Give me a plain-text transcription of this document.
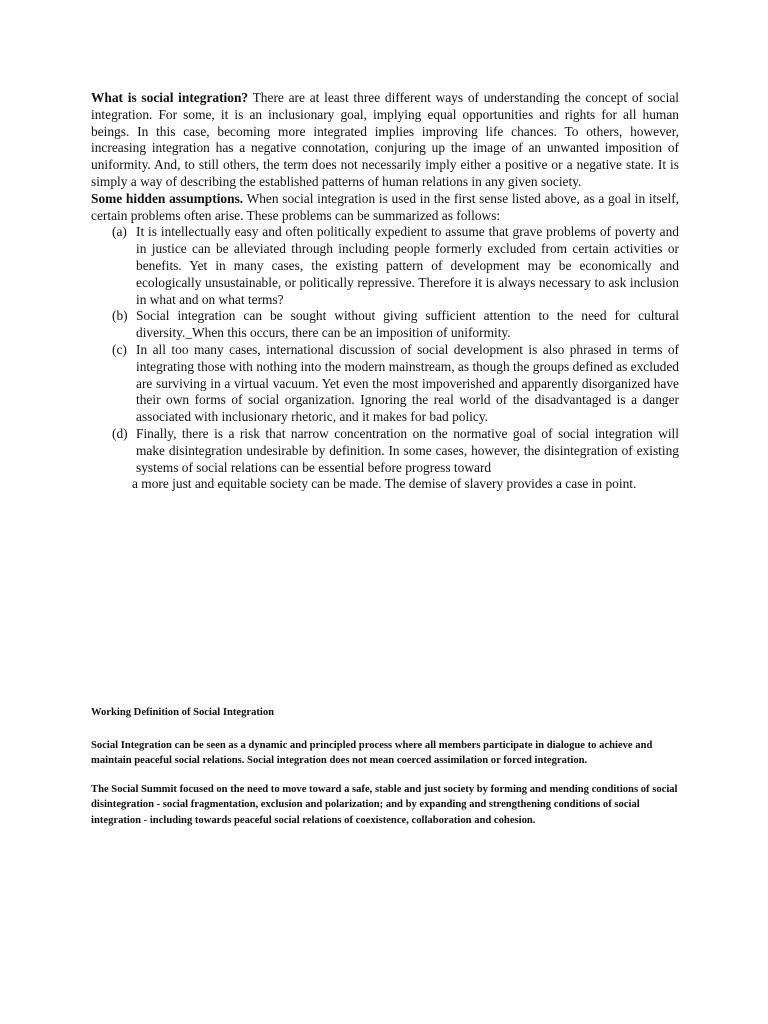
What is social integration? There are at least three different ways of understanding the concept of social integration. For some, it is an inclusionary goal, implying equal opportunities and rights for all human beings. In this case, becoming more integrated implies improving life chances. To others, however, increasing integration has a negative connotation, conjuring up the image of an unwanted imposition of uniformity. And, to still others, the term does not necessarily imply either a positive or a negative state. It is simply a way of describing the established patterns of human relations in any given society.

Some hidden assumptions. When social integration is used in the first sense listed above, as a goal in itself, certain problems often arise. These problems can be summarized as follows:

(a) It is intellectually easy and often politically expedient to assume that grave problems of poverty and in justice can be alleviated through including people formerly excluded from certain activities or benefits. Yet in many cases, the existing pattern of development may be economically and ecologically unsustainable, or politically repressive. Therefore it is always necessary to ask inclusion in what and on what terms?
(b) Social integration can be sought without giving sufficient attention to the need for cultural diversity._When this occurs, there can be an imposition of uniformity.
(c) In all too many cases, international discussion of social development is also phrased in terms of integrating those with nothing into the modern mainstream, as though the groups defined as excluded are surviving in a virtual vacuum. Yet even the most impoverished and apparently disorganized have their own forms of social organization. Ignoring the real world of the disadvantaged is a danger associated with inclusionary rhetoric, and it makes for bad policy.
(d) Finally, there is a risk that narrow concentration on the normative goal of social integration will make disintegration undesirable by definition. In some cases, however, the disintegration of existing systems of social relations can be essential before progress toward
a more just and equitable society can be made. The demise of slavery provides a case in point.

Working Definition of Social Integration

Social Integration can be seen as a dynamic and principled process where all members participate in dialogue to achieve and maintain peaceful social relations. Social integration does not mean coerced assimilation or forced integration.

The Social Summit focused on the need to move toward a safe, stable and just society by forming and mending conditions of social disintegration - social fragmentation, exclusion and polarization; and by expanding and strengthening conditions of social integration - including towards peaceful social relations of coexistence, collaboration and cohesion.
